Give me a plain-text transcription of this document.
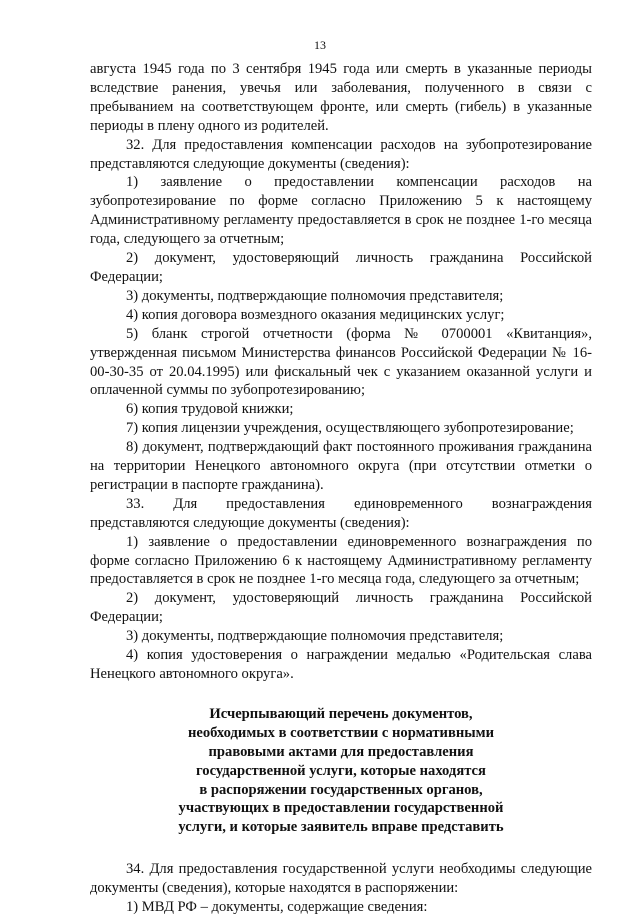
13

августа 1945 года по 3 сентября 1945 года или смерть в указанные периоды вследствие ранения, увечья или заболевания, полученного в связи с пребыванием на соответствующем фронте, или смерть (гибель) в указанные периоды в плену одного из родителей.

32. Для предоставления компенсации расходов на зубопротезирование представляются следующие документы (сведения):

1) заявление о предоставлении компенсации расходов на зубопротезирование по форме согласно Приложению 5 к настоящему Административному регламенту предоставляется в срок не позднее 1-го месяца года, следующего за отчетным;

2) документ, удостоверяющий личность гражданина Российской Федерации;

3) документы, подтверждающие полномочия представителя;

4) копия договора возмездного оказания медицинских услуг;

5) бланк строгой отчетности (форма № 0700001 «Квитанция», утвержденная письмом Министерства финансов Российской Федерации № 16-00-30-35 от 20.04.1995) или фискальный чек с указанием оказанной услуги и оплаченной суммы по зубопротезированию;

6) копия трудовой книжки;

7) копия лицензии учреждения, осуществляющего зубопротезирование;

8) документ, подтверждающий факт постоянного проживания гражданина на территории Ненецкого автономного округа (при отсутствии отметки о регистрации в паспорте гражданина).

33. Для предоставления единовременного вознаграждения представляются следующие документы (сведения):

1) заявление о предоставлении единовременного вознаграждения по форме согласно Приложению 6 к настоящему Административному регламенту предоставляется в срок не позднее 1-го месяца года, следующего за отчетным;

2) документ, удостоверяющий личность гражданина Российской Федерации;

3) документы, подтверждающие полномочия представителя;

4) копия удостоверения о награждении медалью «Родительская слава Ненецкого автономного округа».

Исчерпывающий перечень документов,
необходимых в соответствии с нормативными
правовыми актами для предоставления
государственной услуги, которые находятся
в распоряжении государственных органов,
участвующих в предоставлении государственной
услуги, и которые заявитель вправе представить

34. Для предоставления государственной услуги необходимы следующие документы (сведения), которые находятся в распоряжении:

1) МВД РФ – документы, содержащие сведения:
